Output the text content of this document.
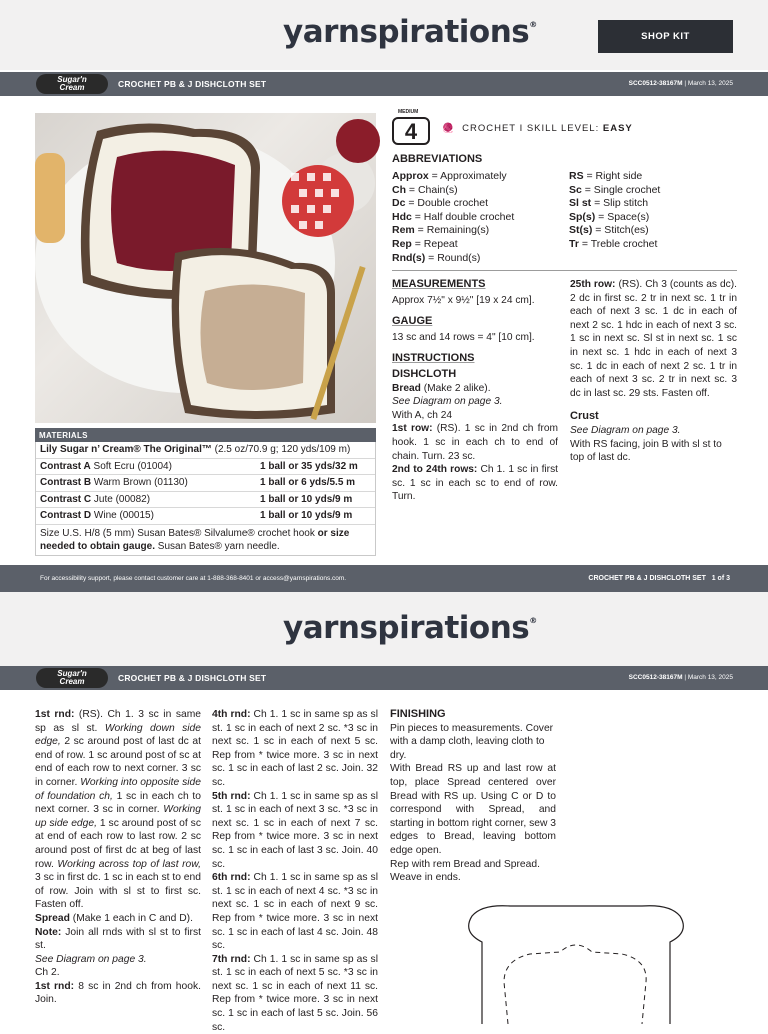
yarnspirations®
SHOP KIT
Sugar'n
Cream	CROCHET PB & J DISHCLOTH SET	SCC0512-38167M | March 13, 2025
MATERIALS
Lily Sugar n’ Cream® The Original™ (2.5 oz/70.9 g; 120 yds/109 m)
Contrast A Soft Ecru (01004)	1 ball or 35 yds/32 m
Contrast B Warm Brown (01130)	1 ball or 6 yds/5.5 m
Contrast C Jute (00082)	1 ball or 10 yds/9 m
Contrast D Wine (00015)	1 ball or 10 yds/9 m
Size U.S. H/8 (5 mm) Susan Bates® Silvalume® crochet hook or size needed to obtain gauge. Susan Bates® yarn needle.
MEDIUM
4	🧶 CROCHET I SKILL LEVEL: EASY
ABBREVIATIONS
Approx = Approximately
Ch = Chain(s)
Dc = Double crochet
Hdc = Half double crochet
Rem = Remaining(s)
Rep = Repeat
Rnd(s) = Round(s)
RS = Right side
Sc = Single crochet
Sl st = Slip stitch
Sp(s) = Space(s)
St(s) = Stitch(es)
Tr = Treble crochet
MEASUREMENTS
Approx 7½" x 9½" [19 x 24 cm].
GAUGE
13 sc and 14 rows = 4" [10 cm].
INSTRUCTIONS
DISHCLOTH
Bread (Make 2 alike).
See Diagram on page 3.
With A, ch 24
1st row: (RS). 1 sc in 2nd ch from hook. 1 sc in each ch to end of chain. Turn. 23 sc.
2nd to 24th rows: Ch 1. 1 sc in first sc. 1 sc in each sc to end of row. Turn.
25th row: (RS). Ch 3 (counts as dc). 2 dc in first sc. 2 tr in next sc. 1 tr in each of next 3 sc. 1 dc in each of next 2 sc. 1 hdc in each of next 3 sc. 1 sc in next sc. Sl st in next sc. 1 sc in next sc. 1 hdc in each of next 3 sc. 1 dc in each of next 2 sc. 1 tr in each of next 3 sc. 2 tr in next sc. 3 dc in last sc. 29 sts. Fasten off.
Crust
See Diagram on page 3.
With RS facing, join B with sl st to top of last dc.
For accessibility support, please contact customer care at 1-888-368-8401 or access@yarnspirations.com.	CROCHET PB & J DISHCLOTH SET 1 of 3
yarnspirations®
Sugar'n
Cream	CROCHET PB & J DISHCLOTH SET	SCC0512-38167M | March 13, 2025

1st rnd: (RS). Ch 1. 3 sc in same sp as sl st. Working down side edge, 2 sc around post of last dc at end of row. 1 sc around post of sc at end of each row to next corner. 3 sc in corner. Working into opposite side of foundation ch, 1 sc in each ch to next corner. 3 sc in corner. Working up side edge, 1 sc around post of sc at end of each row to last row. 2 sc around post of first dc at beg of last row. Working across top of last row, 3 sc in first dc. 1 sc in each st to end of row. Join with sl st to first sc. Fasten off.

Spread (Make 1 each in C and D).

Note: Join all rnds with sl st to first st.

See Diagram on page 3.

Ch 2.

1st rnd: 8 sc in 2nd ch from hook. Join.

4th rnd: Ch 1. 1 sc in same sp as sl st. 1 sc in each of next 2 sc. *3 sc in next sc. 1 sc in each of next 5 sc. Rep from * twice more. 3 sc in next sc. 1 sc in each of last 2 sc. Join. 32 sc.

5th rnd: Ch 1. 1 sc in same sp as sl st. 1 sc in each of next 3 sc. *3 sc in next sc. 1 sc in each of next 7 sc. Rep from * twice more. 3 sc in next sc. 1 sc in each of last 3 sc. Join. 40 sc.

6th rnd: Ch 1. 1 sc in same sp as sl st. 1 sc in each of next 4 sc. *3 sc in next sc. 1 sc in each of next 9 sc. Rep from * twice more. 3 sc in next sc. 1 sc in each of last 4 sc. Join. 48 sc.

7th rnd: Ch 1. 1 sc in same sp as sl st. 1 sc in each of next 5 sc. *3 sc in next sc. 1 sc in each of next 11 sc. Rep from * twice more. 3 sc in next sc. 1 sc in each of last 5 sc. Join. 56 sc.

FINISHING

Pin pieces to measurements. Cover with a damp cloth, leaving cloth to dry.

With Bread RS up and last row at top, place Spread centered over Bread with RS up. Using C or D to correspond with Spread, and starting in bottom right corner, sew 3 edges to Bread, leaving bottom edge open.

Rep with rem Bread and Spread. Weave in ends.
